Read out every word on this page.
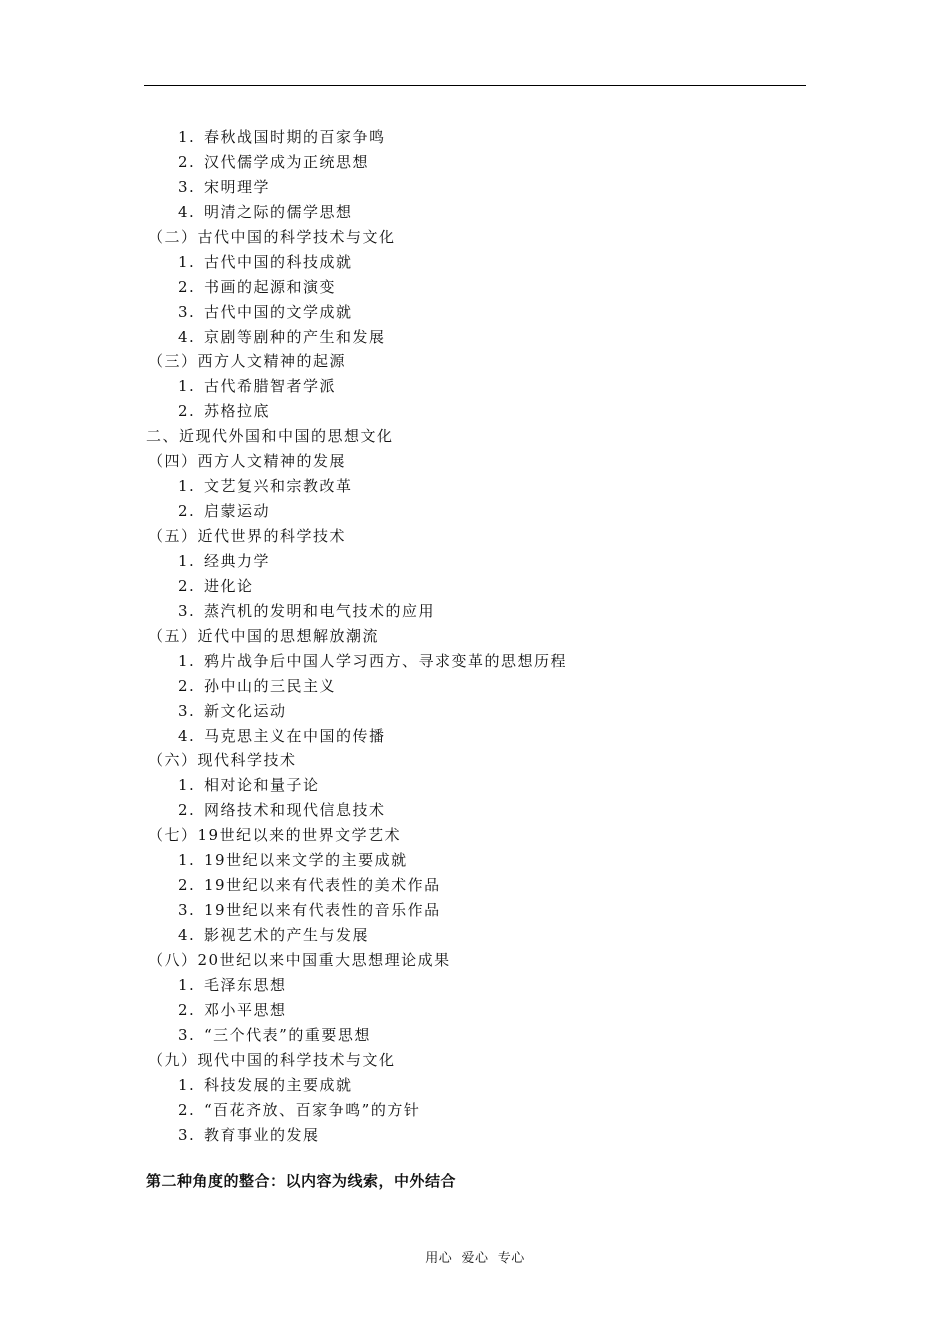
1. 春秋战国时期的百家争鸣
2. 汉代儒学成为正统思想
3. 宋明理学
4. 明清之际的儒学思想
（二）古代中国的科学技术与文化
1. 古代中国的科技成就
2. 书画的起源和演变
3. 古代中国的文学成就
4. 京剧等剧种的产生和发展
（三）西方人文精神的起源
1. 古代希腊智者学派
2. 苏格拉底
二、近现代外国和中国的思想文化
（四）西方人文精神的发展
1. 文艺复兴和宗教改革
2. 启蒙运动
（五）近代世界的科学技术
1. 经典力学
2. 进化论
3. 蒸汽机的发明和电气技术的应用
（五）近代中国的思想解放潮流
1. 鸦片战争后中国人学习西方、寻求变革的思想历程
2. 孙中山的三民主义
3. 新文化运动
4. 马克思主义在中国的传播
（六）现代科学技术
1. 相对论和量子论
2. 网络技术和现代信息技术
（七）19世纪以来的世界文学艺术
1. 19世纪以来文学的主要成就
2. 19世纪以来有代表性的美术作品
3. 19世纪以来有代表性的音乐作品
4. 影视艺术的产生与发展
（八）20世纪以来中国重大思想理论成果
1. 毛泽东思想
2. 邓小平思想
3. “三个代表”的重要思想
（九）现代中国的科学技术与文化
1. 科技发展的主要成就
2. “百花齐放、百家争鸣”的方针
3. 教育事业的发展
第二种角度的整合：以内容为线索，中外结合
用心  爱心  专心
